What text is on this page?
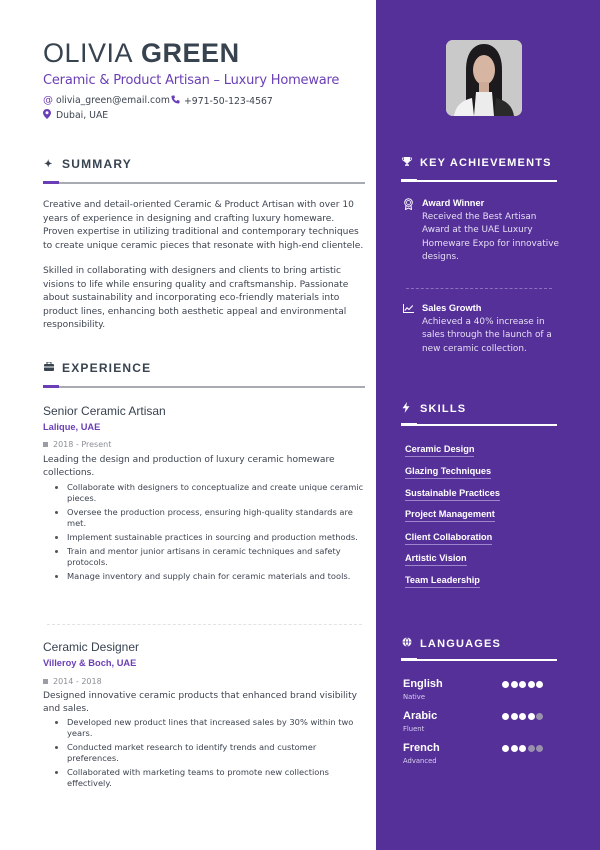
OLIVIA GREEN
Ceramic & Product Artisan – Luxury Homeware
@ olivia_green@email.com +971-50-123-4567
Dubai, UAE
✦ SUMMARY

Creative and detail-oriented Ceramic & Product Artisan with over 10 years of experience in designing and crafting luxury homeware. Proven expertise in utilizing traditional and contemporary techniques to create unique ceramic pieces that resonate with high-end clientele.

Skilled in collaborating with designers and clients to bring artistic visions to life while ensuring quality and craftsmanship. Passionate about sustainability and incorporating eco-friendly materials into product lines, enhancing both aesthetic appeal and environmental responsibility.

EXPERIENCE
Senior Ceramic Artisan
Lalique, UAE
2018 - Present

Leading the design and production of luxury ceramic homeware collections.

Collaborate with designers to conceptualize and create unique ceramic pieces.
Oversee the production process, ensuring high-quality standards are met.
Implement sustainable practices in sourcing and production methods.
Train and mentor junior artisans in ceramic techniques and safety protocols.
Manage inventory and supply chain for ceramic materials and tools.
Ceramic Designer
Villeroy & Boch, UAE
2014 - 2018

Designed innovative ceramic products that enhanced brand visibility and sales.

Developed new product lines that increased sales by 30% within two years.
Conducted market research to identify trends and customer preferences.
Collaborated with marketing teams to promote new collections effectively.
KEY ACHIEVEMENTS
Award Winner

Received the Best Artisan Award at the UAE Luxury Homeware Expo for innovative designs.

Sales Growth

Achieved a 40% increase in sales through the launch of a new ceramic collection.

SKILLS
Ceramic Design
Glazing Techniques
Sustainable Practices
Project Management
Client Collaboration
Artistic Vision
Team Leadership
LANGUAGES
English
Native
Arabic
Fluent
French
Advanced
